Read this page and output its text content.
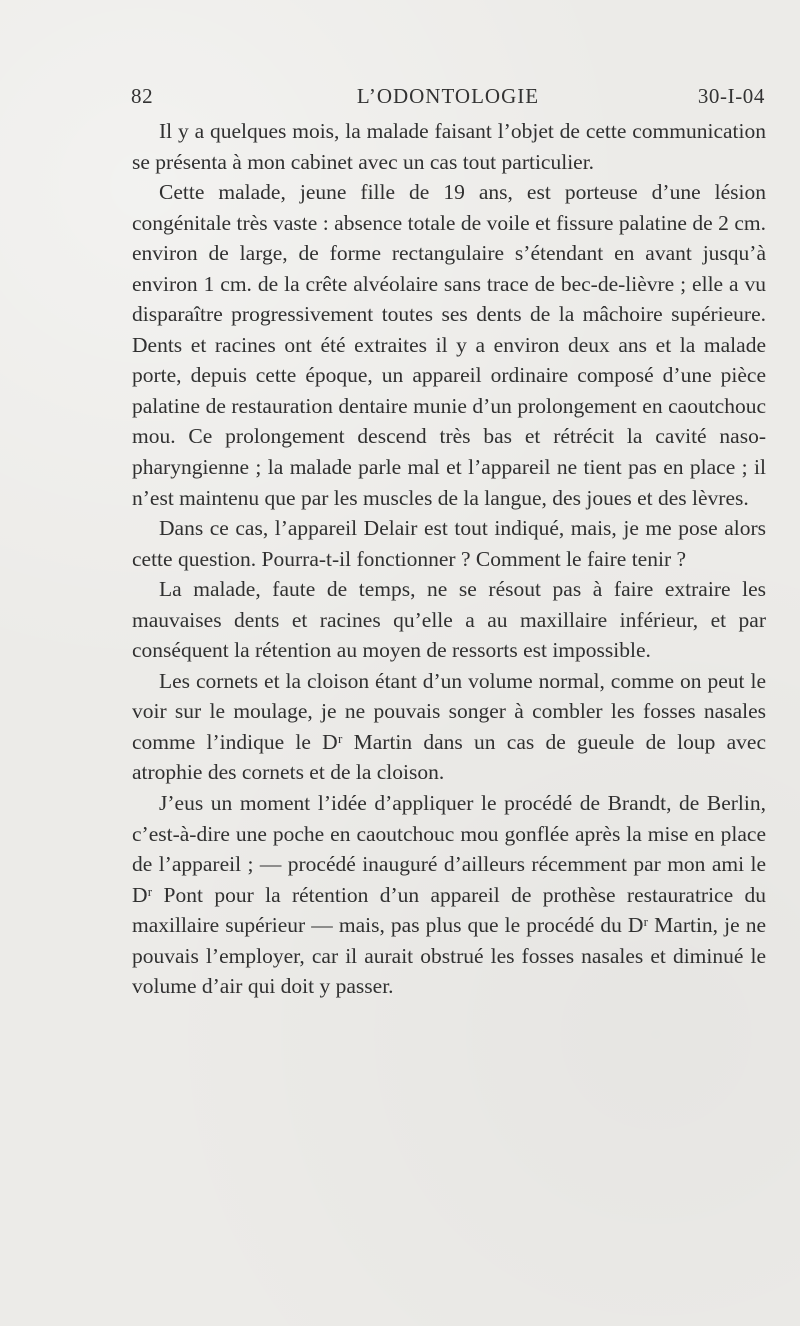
82	L’ODONTOLOGIE	30-I-04

Il y a quelques mois, la malade faisant l’objet de cette communication se présenta à mon cabinet avec un cas tout particulier.

Cette malade, jeune fille de 19 ans, est porteuse d’une lésion congénitale très vaste : absence totale de voile et fissure palatine de 2 cm. environ de large, de forme rectangulaire s’étendant en avant jusqu’à environ 1 cm. de la crête alvéolaire sans trace de bec-de-lièvre ; elle a vu disparaître progressivement toutes ses dents de la mâchoire supérieure. Dents et racines ont été extraites il y a environ deux ans et la malade porte, depuis cette époque, un appareil ordinaire composé d’une pièce palatine de restauration dentaire munie d’un prolongement en caoutchouc mou. Ce prolongement descend très bas et rétrécit la cavité naso-pharyngienne ; la malade parle mal et l’appareil ne tient pas en place ; il n’est maintenu que par les muscles de la langue, des joues et des lèvres.

Dans ce cas, l’appareil Delair est tout indiqué, mais, je me pose alors cette question. Pourra-t-il fonctionner ? Comment le faire tenir ?

La malade, faute de temps, ne se résout pas à faire extraire les mauvaises dents et racines qu’elle a au maxillaire inférieur, et par conséquent la rétention au moyen de ressorts est impossible.

Les cornets et la cloison étant d’un volume normal, comme on peut le voir sur le moulage, je ne pouvais songer à combler les fosses nasales comme l’indique le Dʳ Martin dans un cas de gueule de loup avec atrophie des cornets et de la cloison.

J’eus un moment l’idée d’appliquer le procédé de Brandt, de Berlin, c’est-à-dire une poche en caoutchouc mou gonflée après la mise en place de l’appareil ; — procédé inauguré d’ailleurs récemment par mon ami le Dʳ Pont pour la rétention d’un appareil de prothèse restauratrice du maxillaire supérieur — mais, pas plus que le procédé du Dʳ Martin, je ne pouvais l’employer, car il aurait obstrué les fosses nasales et diminué le volume d’air qui doit y passer.
